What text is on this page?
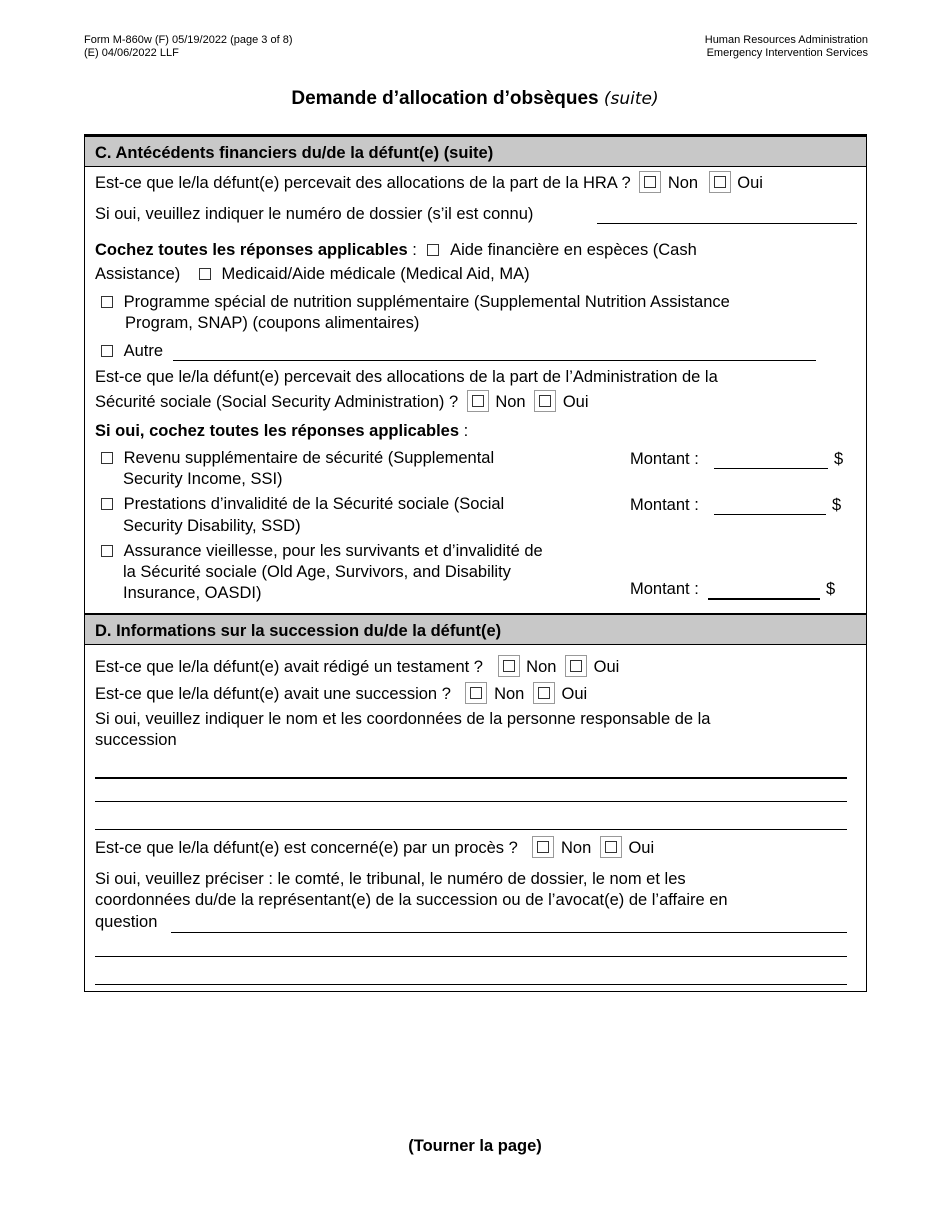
Form M-860w (F) 05/19/2022 (page 3 of 8)
(E) 04/06/2022 LLF
Human Resources Administration
Emergency Intervention Services
Demande d’allocation d’obsèques (suite)
C. Antécédents financiers du/de la défunt(e) (suite)
Est-ce que le/la défunt(e) percevait des allocations de la part de la HRA ? Non Oui
Si oui, veuillez indiquer le numéro de dossier (s’il est connu)
Cochez toutes les réponses applicables : Aide financière en espèces (Cash
Assistance) Medicaid/Aide médicale (Medical Aid, MA)
Programme spécial de nutrition supplémentaire (Supplemental Nutrition Assistance
Program, SNAP) (coupons alimentaires)
Autre
Est-ce que le/la défunt(e) percevait des allocations de la part de l’Administration de la
Sécurité sociale (Social Security Administration) ? Non Oui
Si oui, cochez toutes les réponses applicables :
Revenu supplémentaire de sécurité (Supplemental
Security Income, SSI)
Montant :	$
Prestations d’invalidité de la Sécurité sociale (Social
Security Disability, SSD)
Montant :	$
Assurance vieillesse, pour les survivants et d’invalidité de
la Sécurité sociale (Old Age, Survivors, and Disability
Insurance, OASDI)	Montant :	$
D. Informations sur la succession du/de la défunt(e)
Est-ce que le/la défunt(e) avait rédigé un testament ?	Non Oui
Est-ce que le/la défunt(e) avait une succession ?	Non Oui
Si oui, veuillez indiquer le nom et les coordonnées de la personne responsable de la
succession
Est-ce que le/la défunt(e) est concerné(e) par un procès ?	Non Oui
Si oui, veuillez préciser : le comté, le tribunal, le numéro de dossier, le nom et les
coordonnées du/de la représentant(e) de la succession ou de l’avocat(e) de l’affaire en
question
(Tourner la page)
